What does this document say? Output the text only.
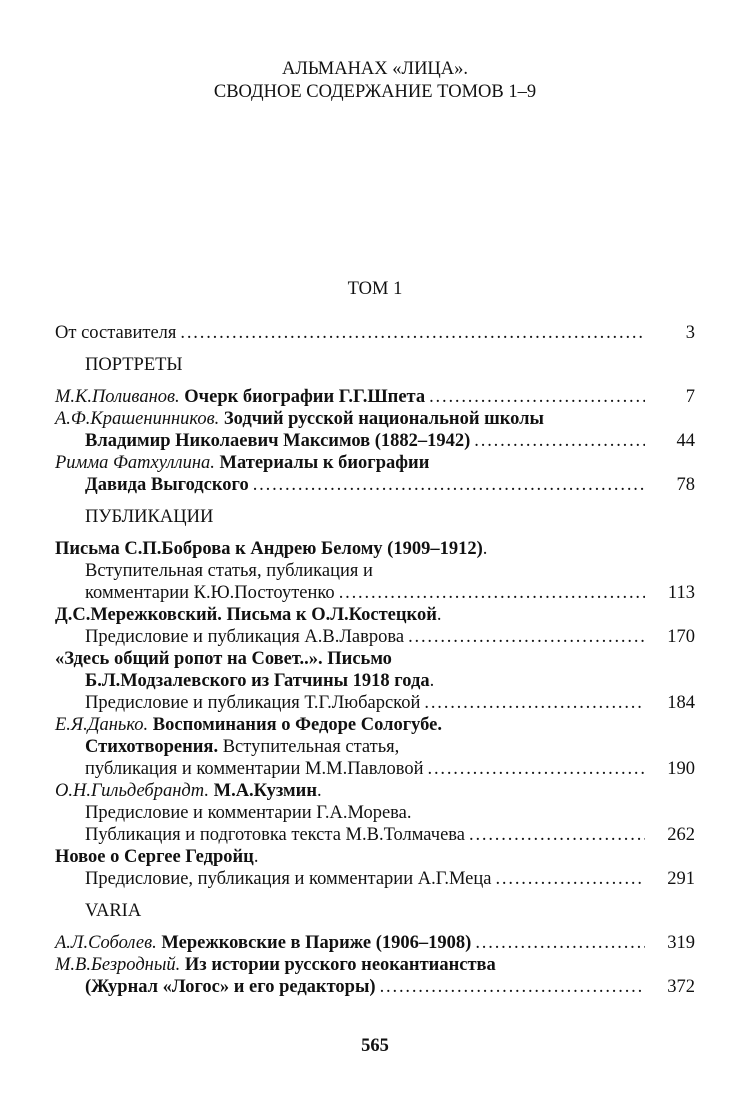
АЛЬМАНАХ «ЛИЦА».
СВОДНОЕ СОДЕРЖАНИЕ ТОМОВ 1–9
ТОМ 1
От составителя . . .	3
ПОРТРЕТЫ
М.К.Поливанов. Очерк биографии Г.Г.Шпета . . .	7
А.Ф.Крашенинников. Зодчий русской национальной школы
Владимир Николаевич Максимов (1882–1942) . . .	44
Римма Фатхуллина. Материалы к биографии
Давида Выгодского . . .	78
ПУБЛИКАЦИИ
Письма С.П.Боброва к Андрею Белому (1909–1912).
Вступительная статья, публикация и
комментарии К.Ю.Постоутенко . . .	113
Д.С.Мережковский. Письма к О.Л.Костецкой.
Предисловие и публикация А.В.Лаврова . . .	170
«Здесь общий ропот на Совет..». Письмо
Б.Л.Модзалевского из Гатчины 1918 года.
Предисловие и публикация Т.Г.Любарской . . .	184
Е.Я.Данько. Воспоминания о Федоре Сологубе.
Стихотворения. Вступительная статья,
публикация и комментарии М.М.Павловой . . .	190
О.Н.Гильдебрандт. М.А.Кузмин.
Предисловие и комментарии Г.А.Морева.
Публикация и подготовка текста М.В.Толмачева . . .	262
Новое о Сергее Гедройц.
Предисловие, публикация и комментарии А.Г.Меца . . .	291
VARIA
А.Л.Соболев. Мережковские в Париже (1906–1908) . . .	319
М.В.Безродный. Из истории русского неокантианства
(Журнал «Логос» и его редакторы) . . .	372
565
